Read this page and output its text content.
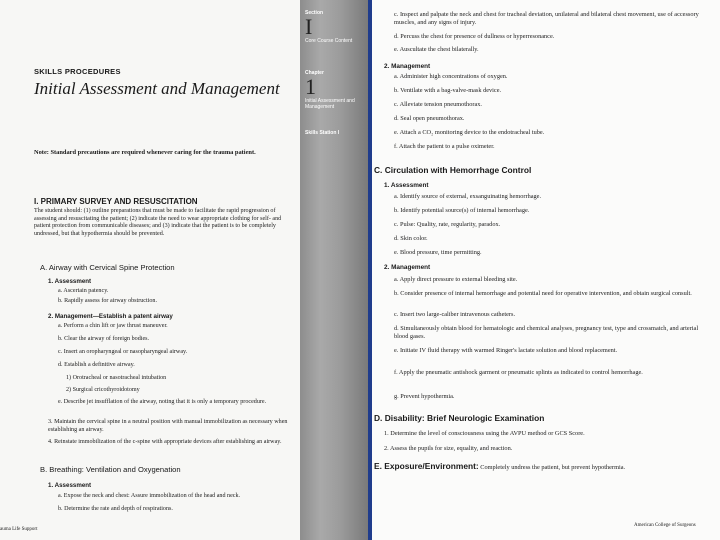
SKILLS PROCEDURES
Initial Assessment and Management
Note: Standard precautions are required whenever caring for the trauma patient.
I. PRIMARY SURVEY AND RESUSCITATION
The student should: (1) outline preparations that must be made to facilitate the rapid progression of assessing and resuscitating the patient; (2) indicate the need to wear appropriate clothing for self- and patient protection from communicable diseases; and (3) indicate that the patient is to be completely undressed, but that hypothermia should be prevented.
A. Airway with Cervical Spine Protection
1. Assessment
a. Ascertain patency.
b. Rapidly assess for airway obstruction.
2. Management—Establish a patent airway
a. Perform a chin lift or jaw thrust maneuver.
b. Clear the airway of foreign bodies.
c. Insert an oropharyngeal or nasopharyngeal airway.
d. Establish a definitive airway.
1) Orotracheal or nasotracheal intubation
2) Surgical cricothyroidotomy
e. Describe jet insufflation of the airway, noting that it is only a temporary procedure.
3. Maintain the cervical spine in a neutral position with manual immobilization as necessary when establishing an airway.
4. Reinstate immobilization of the c-spine with appropriate devices after establishing an airway.
B. Breathing: Ventilation and Oxygenation
1. Assessment
a. Expose the neck and chest: Assure immobilization of the head and neck.
b. Determine the rate and depth of respirations.
auma Life Support
Section
I
Core Course Content
Chapter
1
Initial Assessment and Management
Skills Station I
c. Inspect and palpate the neck and chest for tracheal deviation, unilateral and bilateral chest movement, use of accessory muscles, and any signs of injury.
d. Percuss the chest for presence of dullness or hyperresonance.
e. Auscultate the chest bilaterally.
2. Management
a. Administer high concentrations of oxygen.
b. Ventilate with a bag-valve-mask device.
c. Alleviate tension pneumothorax.
d. Seal open pneumothorax.
e. Attach a CO₂ monitoring device to the endotracheal tube.
f. Attach the patient to a pulse oximeter.
C. Circulation with Hemorrhage Control
1. Assessment
a. Identify source of external, exsanguinating hemorrhage.
b. Identify potential source(s) of internal hemorrhage.
c. Pulse: Quality, rate, regularity, paradox.
d. Skin color.
e. Blood pressure, time permitting.
2. Management
a. Apply direct pressure to external bleeding site.
b. Consider presence of internal hemorrhage and potential need for operative intervention, and obtain surgical consult.
c. Insert two large-caliber intravenous catheters.
d. Simultaneously obtain blood for hematologic and chemical analyses, pregnancy test, type and crossmatch, and arterial blood gases.
e. Initiate IV fluid therapy with warmed Ringer's lactate solution and blood replacement.
f. Apply the pneumatic antishock garment or pneumatic splints as indicated to control hemorrhage.
g. Prevent hypothermia.
D. Disability: Brief Neurologic Examination
1. Determine the level of consciousness using the AVPU method or GCS Score.
2. Assess the pupils for size, equality, and reaction.
E. Exposure/Environment: Completely undress the patient, but prevent hypothermia.
American College of Surgeons
